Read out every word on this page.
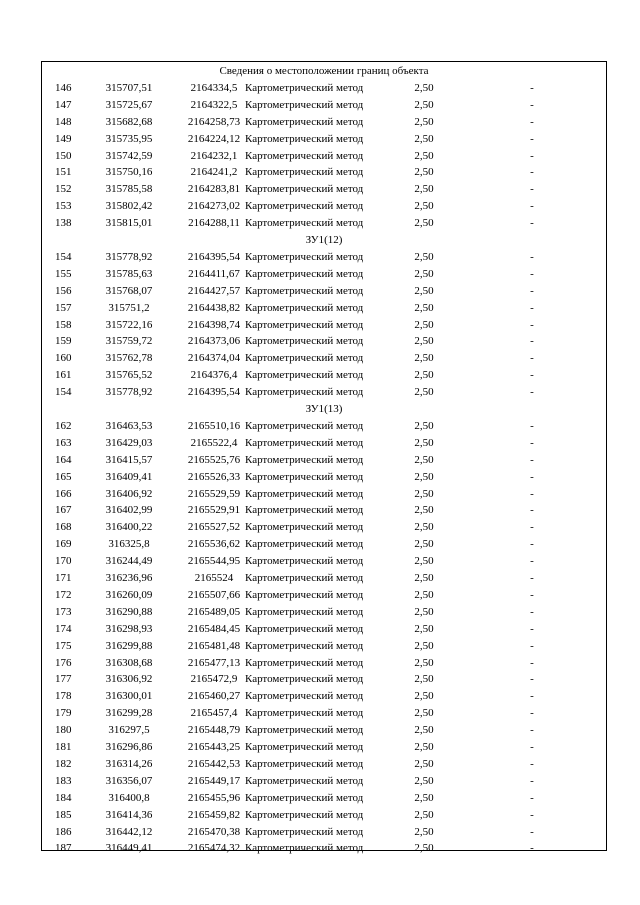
Сведения о местоположении границ объекта
146	315707,51	2164334,5 Картометрический метод	2,50	-
147	315725,67	2164322,5 Картометрический метод	2,50	-
148	315682,68	2164258,73 Картометрический метод	2,50	-
149	315735,95	2164224,12 Картометрический метод	2,50	-
150	315742,59	2164232,1 Картометрический метод	2,50	-
151	315750,16	2164241,2 Картометрический метод	2,50	-
152	315785,58	2164283,81 Картометрический метод	2,50	-
153	315802,42	2164273,02 Картометрический метод	2,50	-
138	315815,01	2164288,11 Картометрический метод	2,50	-
ЗУ1(12)
154	315778,92	2164395,54 Картометрический метод	2,50	-
155	315785,63	2164411,67 Картометрический метод	2,50	-
156	315768,07	2164427,57 Картометрический метод	2,50	-
157	315751,2	2164438,82 Картометрический метод	2,50	-
158	315722,16	2164398,74 Картометрический метод	2,50	-
159	315759,72	2164373,06 Картометрический метод	2,50	-
160	315762,78	2164374,04 Картометрический метод	2,50	-
161	315765,52	2164376,4 Картометрический метод	2,50	-
154	315778,92	2164395,54 Картометрический метод	2,50	-
ЗУ1(13)
162	316463,53	2165510,16 Картометрический метод	2,50	-
163	316429,03	2165522,4 Картометрический метод	2,50	-
164	316415,57	2165525,76 Картометрический метод	2,50	-
165	316409,41	2165526,33 Картометрический метод	2,50	-
166	316406,92	2165529,59 Картометрический метод	2,50	-
167	316402,99	2165529,91 Картометрический метод	2,50	-
168	316400,22	2165527,52 Картометрический метод	2,50	-
169	316325,8	2165536,62 Картометрический метод	2,50	-
170	316244,49	2165544,95 Картометрический метод	2,50	-
171	316236,96	2165524	Картометрический метод	2,50	-
172	316260,09	2165507,66 Картометрический метод	2,50	-
173	316290,88	2165489,05 Картометрический метод	2,50	-
174	316298,93	2165484,45 Картометрический метод	2,50	-
175	316299,88	2165481,48 Картометрический метод	2,50	-
176	316308,68	2165477,13 Картометрический метод	2,50	-
177	316306,92	2165472,9 Картометрический метод	2,50	-
178	316300,01	2165460,27 Картометрический метод	2,50	-
179	316299,28	2165457,4 Картометрический метод	2,50	-
180	316297,5	2165448,79 Картометрический метод	2,50	-
181	316296,86	2165443,25 Картометрический метод	2,50	-
182	316314,26	2165442,53 Картометрический метод	2,50	-
183	316356,07	2165449,17 Картометрический метод	2,50	-
184	316400,8	2165455,96 Картометрический метод	2,50	-
185	316414,36	2165459,82 Картометрический метод	2,50	-
186	316442,12	2165470,38 Картометрический метод	2,50	-
187	316449,41	2165474,32 Картометрический метод	2,50	-
